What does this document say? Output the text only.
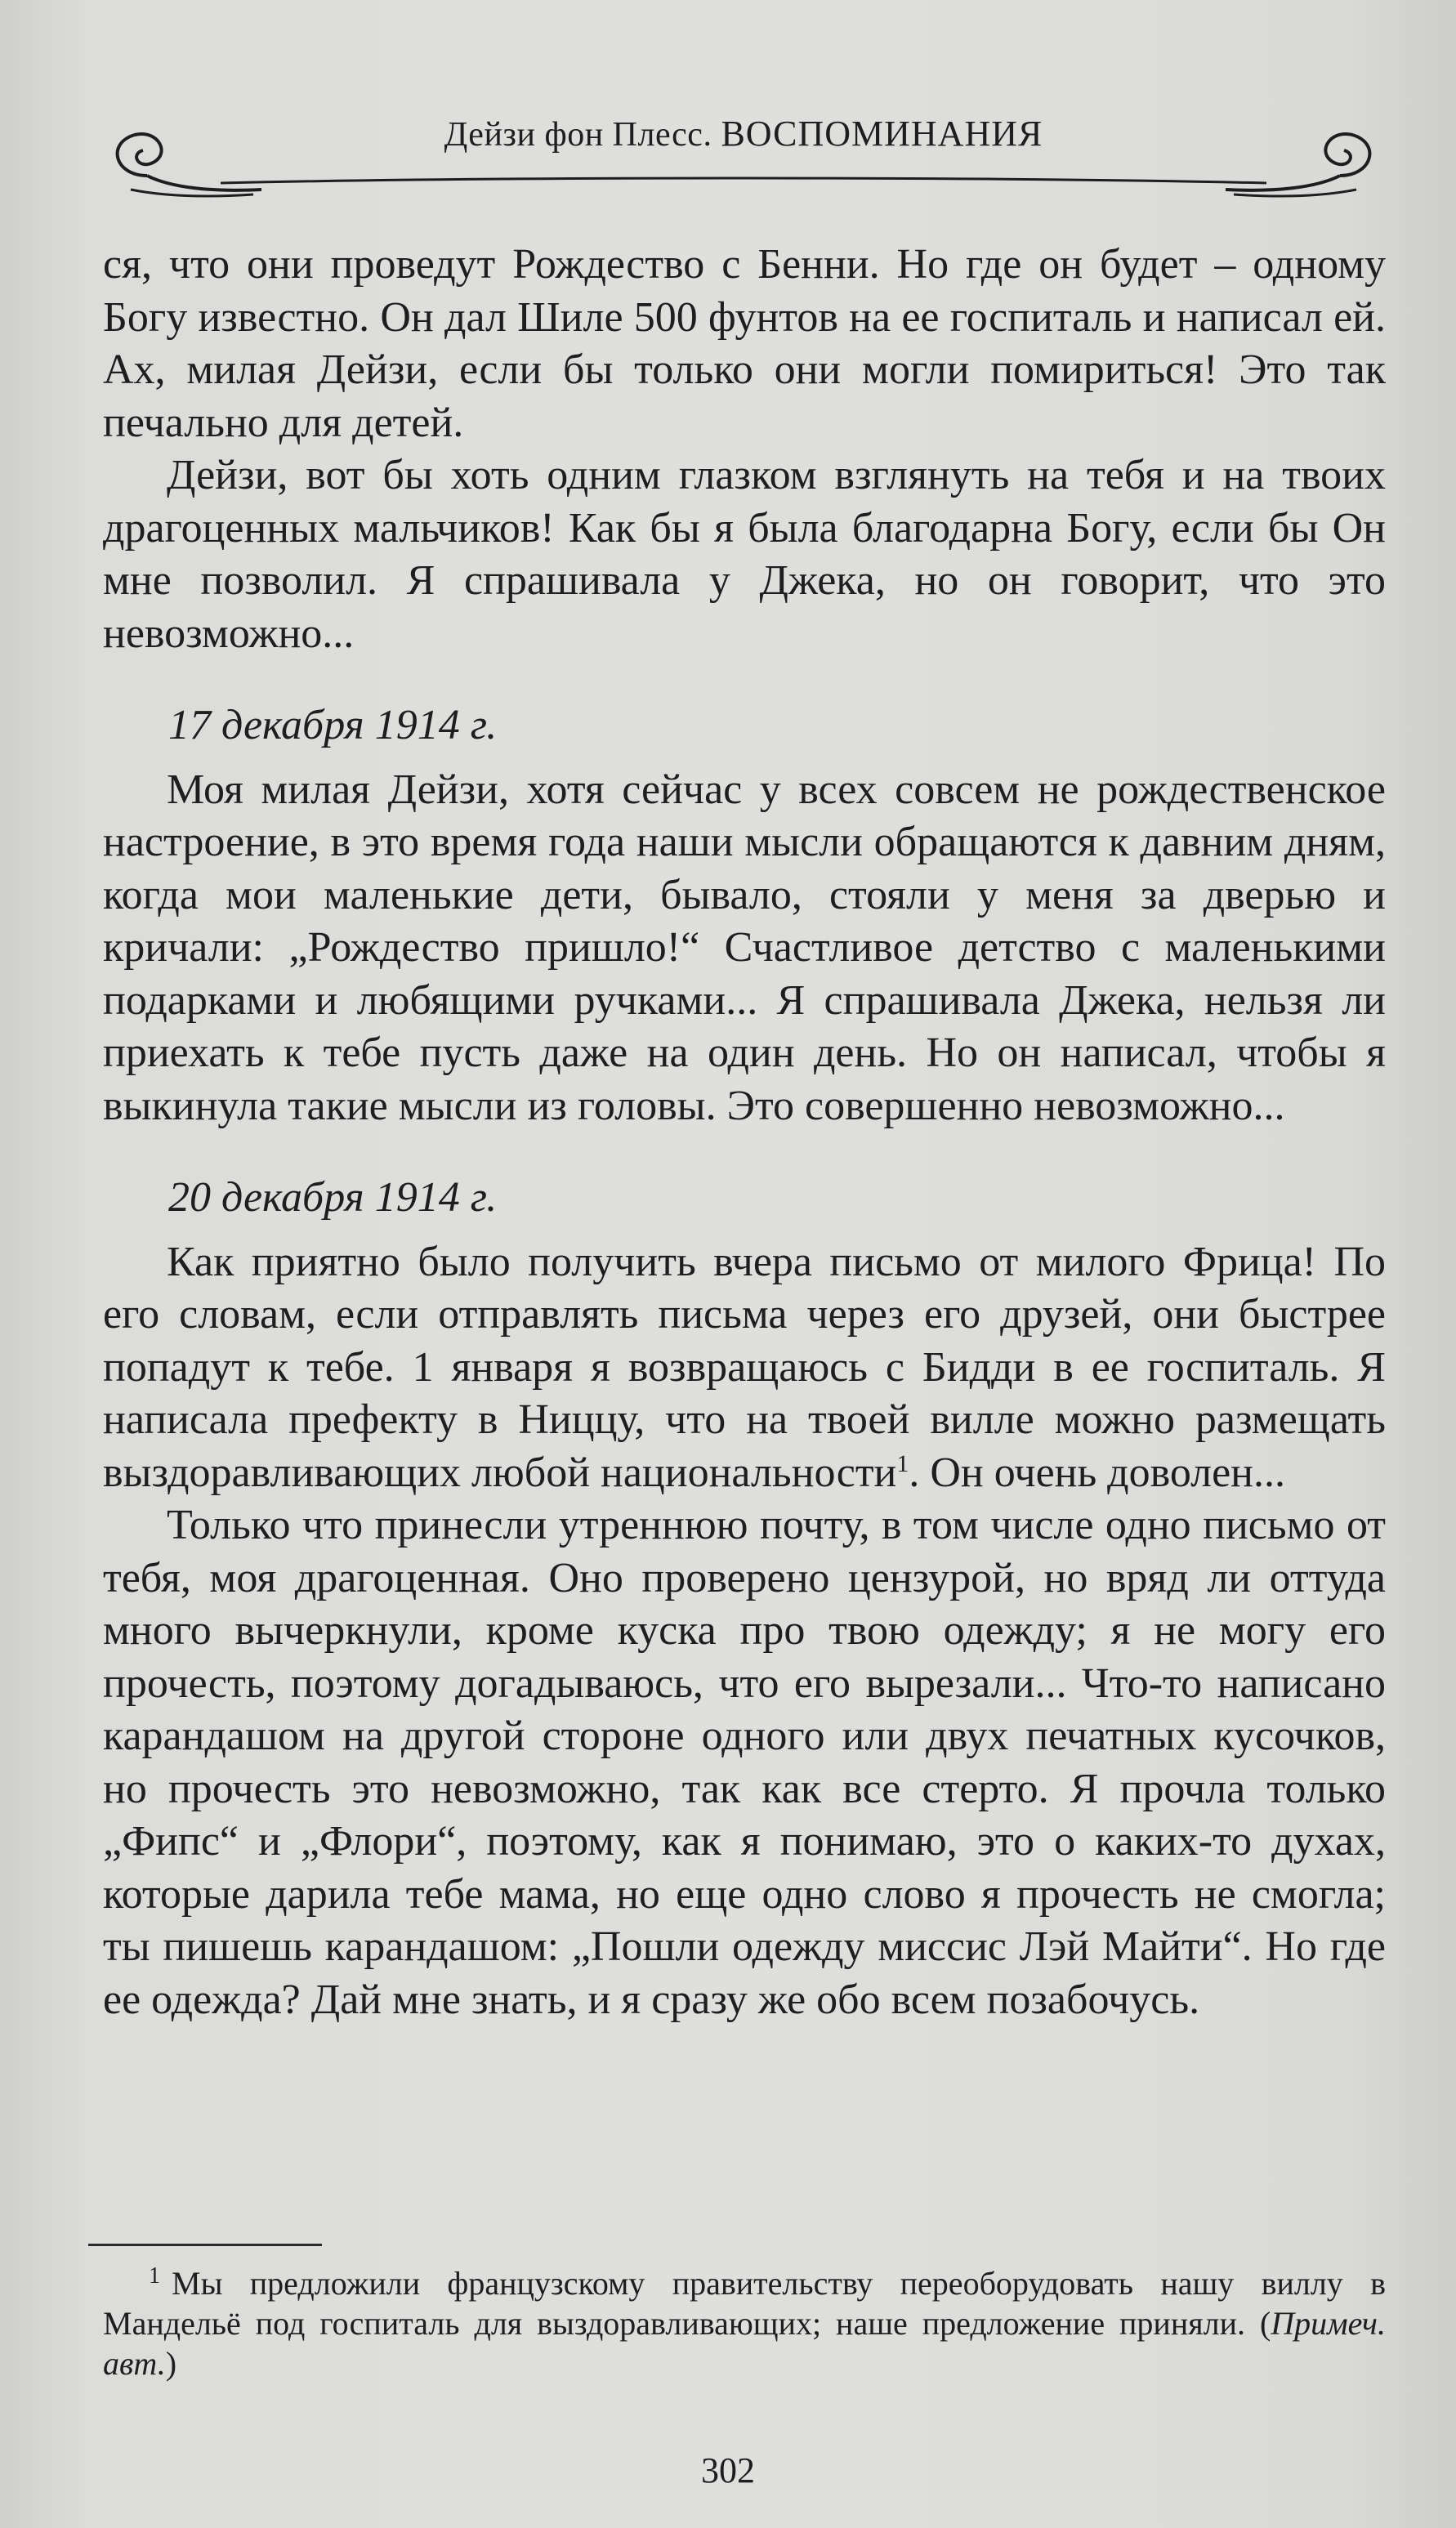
Дейзи фон Плесс. ВОСПОМИНАНИЯ

ся, что они проведут Рождество с Бенни. Но где он будет – одному Богу известно. Он дал Шиле 500 фунтов на ее госпиталь и написал ей. Ах, милая Дейзи, если бы только они могли помириться! Это так печально для детей.

Дейзи, вот бы хоть одним глазком взглянуть на тебя и на твоих драгоценных мальчиков! Как бы я была благодарна Богу, если бы Он мне позволил. Я спрашивала у Джека, но он говорит, что это невозможно...

17 декабря 1914 г.

Моя милая Дейзи, хотя сейчас у всех совсем не рождественское настроение, в это время года наши мысли обращаются к давним дням, когда мои маленькие дети, бывало, стояли у меня за дверью и кричали: „Рождество пришло!“ Счастливое детство с маленькими подарками и любящими ручками... Я спрашивала Джека, нельзя ли приехать к тебе пусть даже на один день. Но он написал, чтобы я выкинула такие мысли из головы. Это совершенно невозможно...

20 декабря 1914 г.

Как приятно было получить вчера письмо от милого Фрица! По его словам, если отправлять письма через его друзей, они быстрее попадут к тебе. 1 января я возвращаюсь с Бидди в ее госпиталь. Я написала префекту в Ниццу, что на твоей вилле можно размещать выздоравливающих любой национальности$^1$. Он очень доволен...

Только что принесли утреннюю почту, в том числе одно письмо от тебя, моя драгоценная. Оно проверено цензурой, но вряд ли оттуда много вычеркнули, кроме куска про твою одежду; я не могу его прочесть, поэтому догадываюсь, что его вырезали... Что-то написано карандашом на другой стороне одного или двух печатных кусочков, но прочесть это невозможно, так как все стерто. Я прочла только „Фипс“ и „Флори“, поэтому, как я понимаю, это о каких-то духах, которые дарила тебе мама, но еще одно слово я прочесть не смогла; ты пишешь карандашом: „Пошли одежду миссис Лэй Майти“. Но где ее одежда? Дай мне знать, и я сразу же обо всем позабочусь.

$^1$ Мы предложили французскому правительству переоборудовать нашу виллу в Мандельё под госпиталь для выздоравливающих; наше предложение приняли. (Примеч. авт.)

302
